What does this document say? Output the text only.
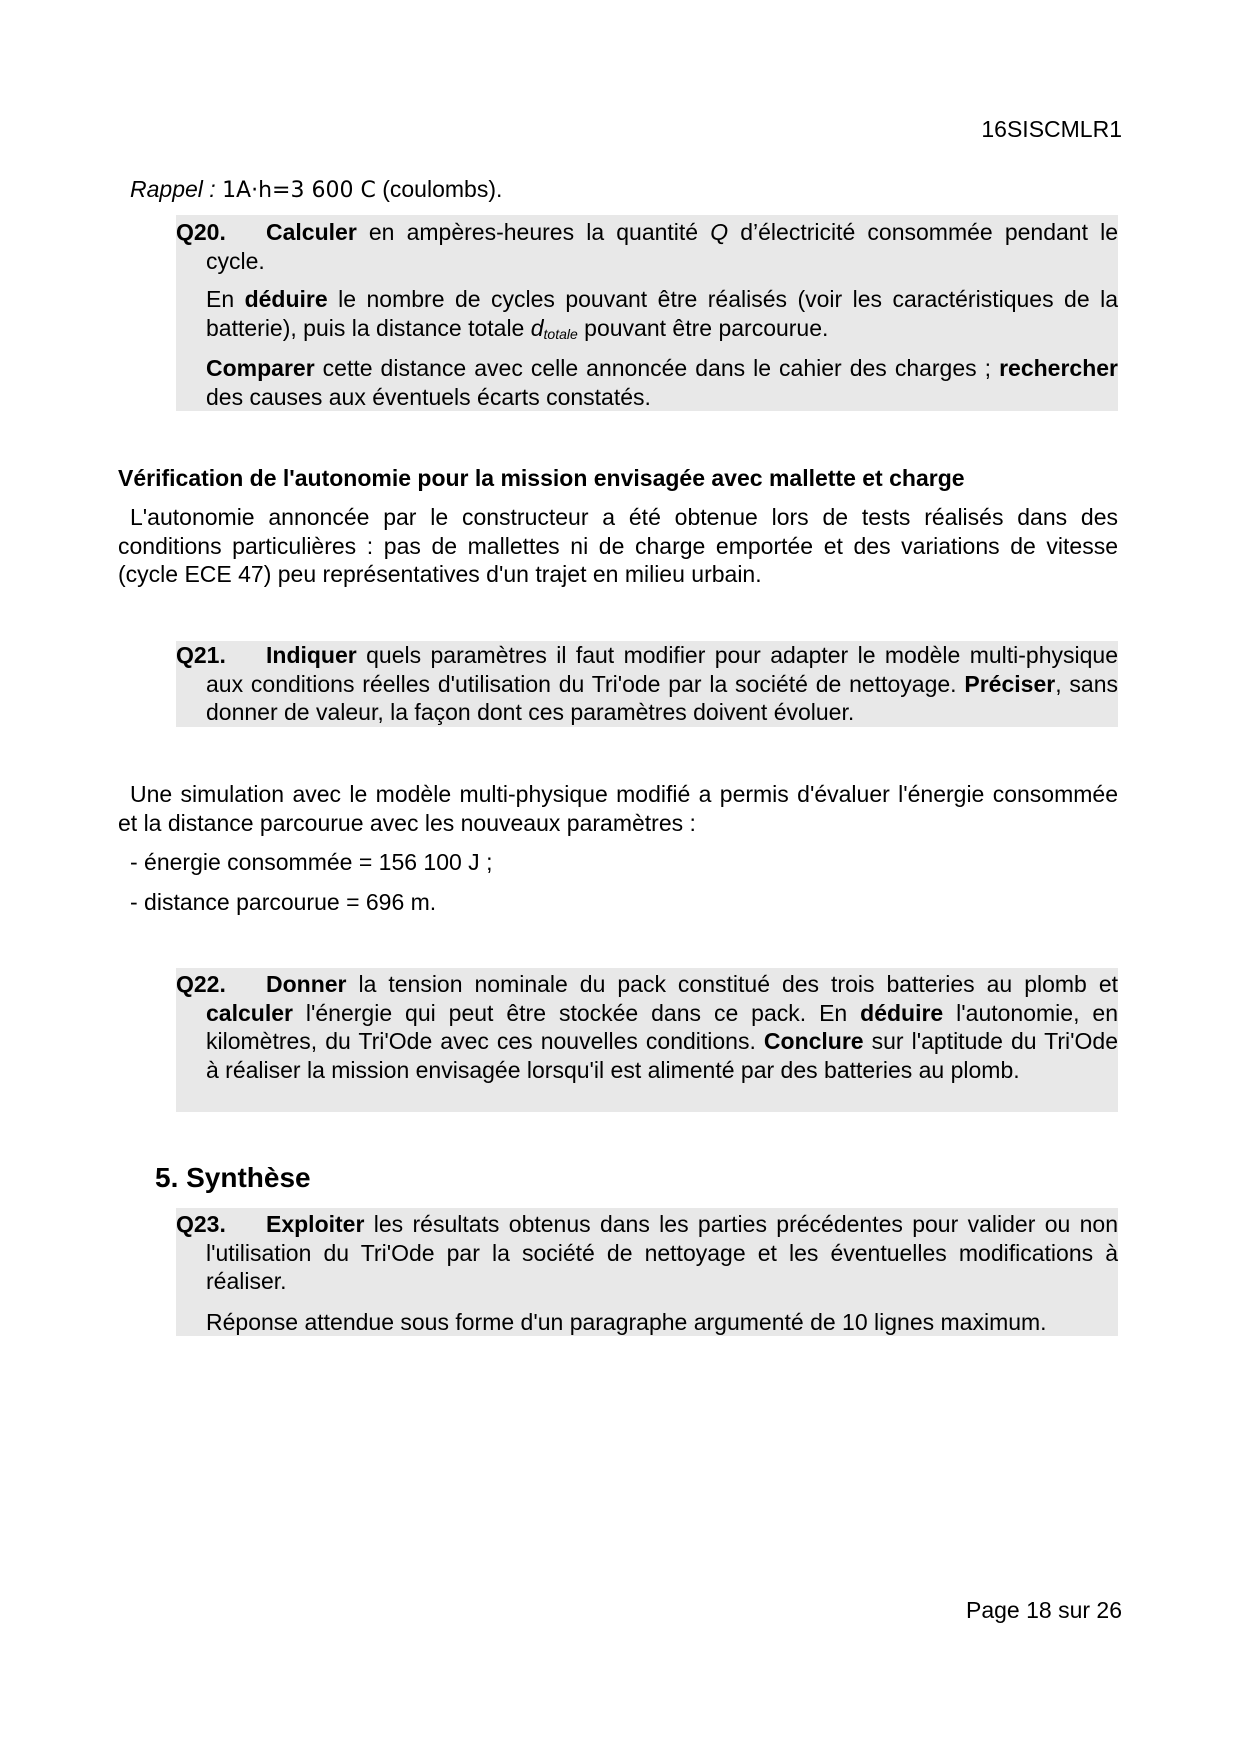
16SISCMLR1
Rappel : 1A·h=3 600 C (coulombs).
Q20. Calculer en ampères-heures la quantité Q d’électricité consommée pendant le cycle.
En déduire le nombre de cycles pouvant être réalisés (voir les caractéristiques de la batterie), puis la distance totale $d_{totale}$ pouvant être parcourue.
Comparer cette distance avec celle annoncée dans le cahier des charges ; rechercher des causes aux éventuels écarts constatés.
Vérification de l'autonomie pour la mission envisagée avec mallette et charge
L'autonomie annoncée par le constructeur a été obtenue lors de tests réalisés dans des conditions particulières : pas de mallettes ni de charge emportée et des variations de vitesse (cycle ECE 47) peu représentatives d'un trajet en milieu urbain.
Q21. Indiquer quels paramètres il faut modifier pour adapter le modèle multi-physique aux conditions réelles d'utilisation du Tri'ode par la société de nettoyage. Préciser, sans donner de valeur, la façon dont ces paramètres doivent évoluer.
Une simulation avec le modèle multi-physique modifié a permis d'évaluer l'énergie consommée et la distance parcourue avec les nouveaux paramètres :
- énergie consommée = 156 100 J ;
- distance parcourue = 696 m.
Q22. Donner la tension nominale du pack constitué des trois batteries au plomb et calculer l'énergie qui peut être stockée dans ce pack. En déduire l'autonomie, en kilomètres, du Tri'Ode avec ces nouvelles conditions. Conclure sur l'aptitude du Tri'Ode à réaliser la mission envisagée lorsqu'il est alimenté par des batteries au plomb.
5. Synthèse
Q23. Exploiter les résultats obtenus dans les parties précédentes pour valider ou non l'utilisation du Tri'Ode par la société de nettoyage et les éventuelles modifications à réaliser.
Réponse attendue sous forme d'un paragraphe argumenté de 10 lignes maximum.
Page 18 sur 26
